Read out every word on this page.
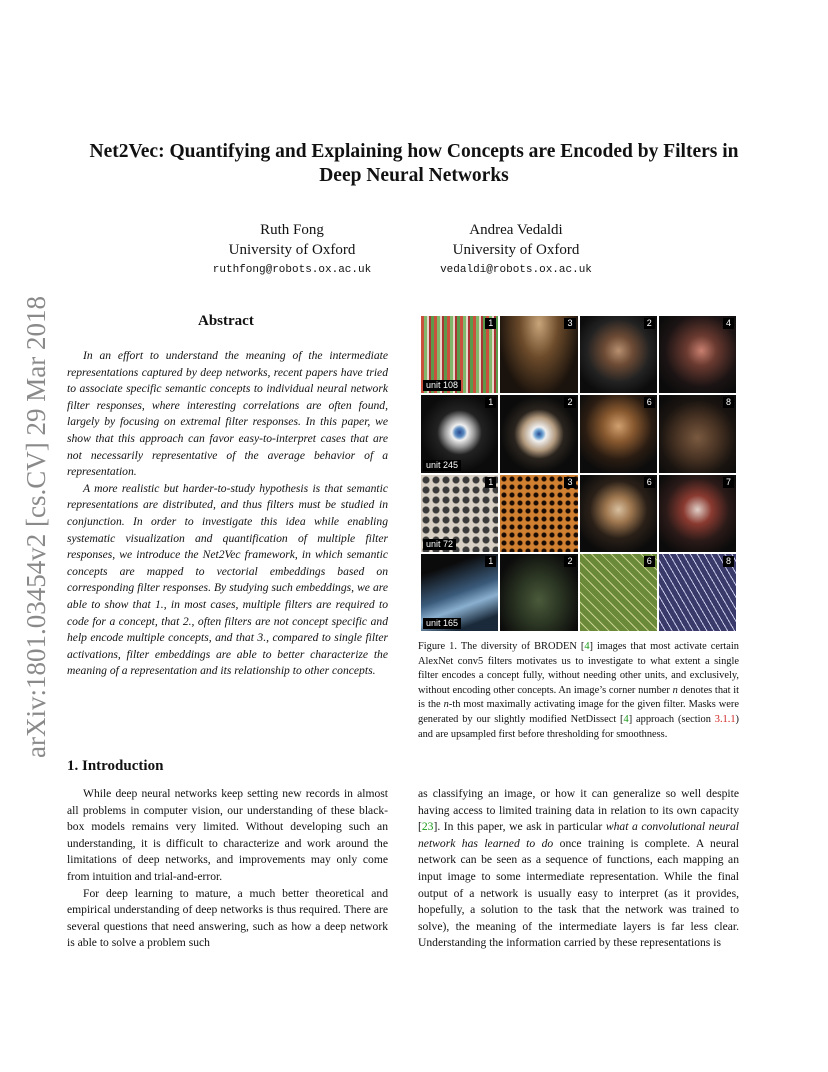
arXiv:1801.03454v2 [cs.CV] 29 Mar 2018
Net2Vec: Quantifying and Explaining how Concepts are Encoded by Filters in
Deep Neural Networks
Ruth Fong
University of Oxford
ruthfong@robots.ox.ac.uk
Andrea Vedaldi
University of Oxford
vedaldi@robots.ox.ac.uk
Abstract

In an effort to understand the meaning of the intermediate representations captured by deep networks, recent papers have tried to associate specific semantic concepts to individual neural network filter responses, where interesting correlations are often found, largely by focusing on extremal filter responses. In this paper, we show that this approach can favor easy-to-interpret cases that are not necessarily representative of the average behavior of a representation.

A more realistic but harder-to-study hypothesis is that semantic representations are distributed, and thus filters must be studied in conjunction. In order to investigate this idea while enabling systematic visualization and quantification of multiple filter responses, we introduce the Net2Vec framework, in which semantic concepts are mapped to vectorial embeddings based on corresponding filter responses. By studying such embeddings, we are able to show that 1., in most cases, multiple filters are required to code for a concept, that 2., often filters are not concept specific and help encode multiple concepts, and that 3., compared to single filter activations, filter embeddings are able to better characterize the meaning of a representation and its relationship to other concepts.

1. Introduction

While deep neural networks keep setting new records in almost all problems in computer vision, our understanding of these black-box models remains very limited. Without developing such an understanding, it is difficult to characterize and work around the limitations of deep networks, and improvements may only come from intuition and trial-and-error.

For deep learning to mature, a much better theoretical and empirical understanding of deep networks is thus required. There are several questions that need answering, such as how a deep network is able to solve a problem such

as classifying an image, or how it can generalize so well despite having access to limited training data in relation to its own capacity [23]. In this paper, we ask in particular what a convolutional neural network has learned to do once training is complete. A neural network can be seen as a sequence of functions, each mapping an input image to some intermediate representation. While the final output of a network is usually easy to interpret (as it provides, hopefully, a solution to the task that the network was trained to solve), the meaning of the intermediate layers is far less clear. Understanding the information carried by these representations is
1
unit 108
3	2	4
1
unit 245
2	6	8
1
unit 72
3	6	7
1
unit 165
2	6	8
Figure 1. The diversity of BRODEN [4] images that most activate certain AlexNet conv5 filters motivates us to investigate to what extent a single filter encodes a concept fully, without needing other units, and exclusively, without encoding other concepts. An image’s corner number n denotes that it is the n-th most maximally activating image for the given filter. Masks were generated by our slightly modified NetDissect [4] approach (section 3.1.1) and are upsampled first before thresholding for smoothness.
